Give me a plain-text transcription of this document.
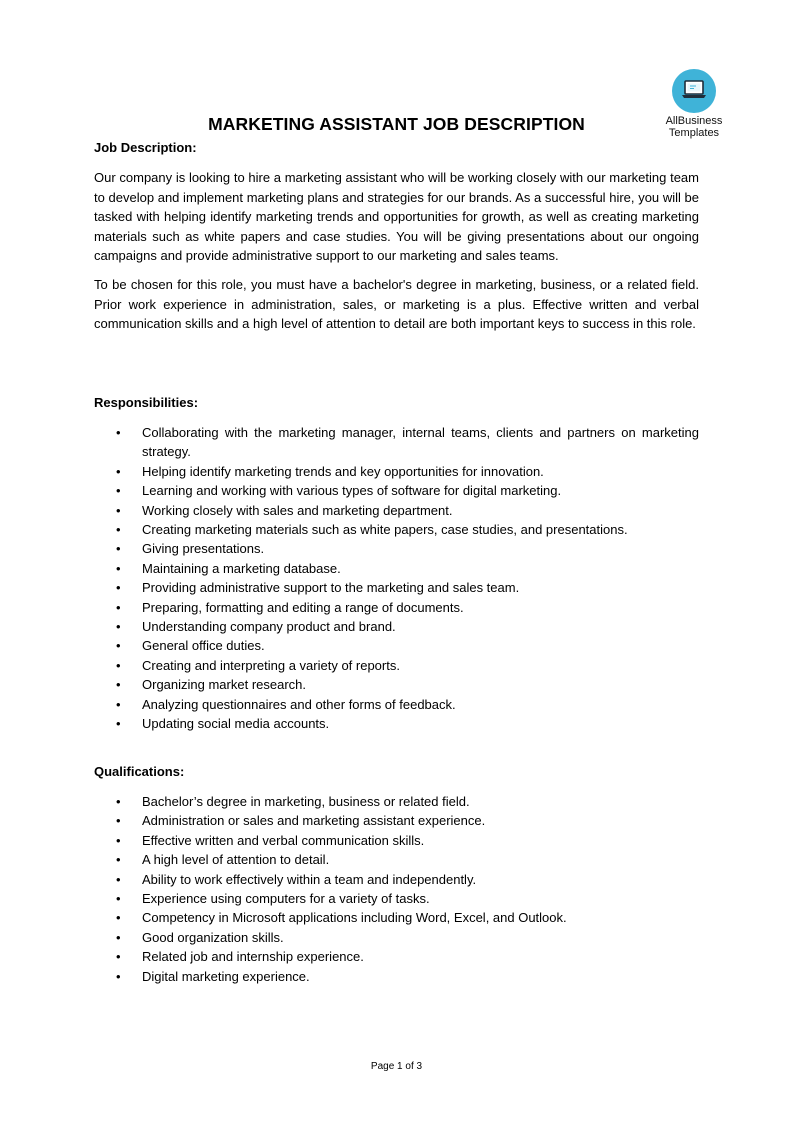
AllBusiness
Templates
MARKETING ASSISTANT JOB DESCRIPTION
Job Description:

Our company is looking to hire a marketing assistant who will be working closely with our marketing team to develop and implement marketing plans and strategies for our brands. As a successful hire, you will be tasked with helping identify marketing trends and opportunities for growth, as well as creating marketing materials such as white papers and case studies. You will be giving presentations about our ongoing campaigns and provide administrative support to our marketing and sales teams.

To be chosen for this role, you must have a bachelor's degree in marketing, business, or a related field. Prior work experience in administration, sales, or marketing is a plus. Effective written and verbal communication skills and a high level of attention to detail are both important keys to success in this role.

Responsibilities:
• Collaborating with the marketing manager, internal teams, clients and partners on marketing strategy.
• Helping identify marketing trends and key opportunities for innovation.
• Learning and working with various types of software for digital marketing.
• Working closely with sales and marketing department.
• Creating marketing materials such as white papers, case studies, and presentations.
• Giving presentations.
• Maintaining a marketing database.
• Providing administrative support to the marketing and sales team.
• Preparing, formatting and editing a range of documents.
• Understanding company product and brand.
• General office duties.
• Creating and interpreting a variety of reports.
• Organizing market research.
• Analyzing questionnaires and other forms of feedback.
• Updating social media accounts.
Qualifications:
• Bachelor’s degree in marketing, business or related field.
• Administration or sales and marketing assistant experience.
• Effective written and verbal communication skills.
• A high level of attention to detail.
• Ability to work effectively within a team and independently.
• Experience using computers for a variety of tasks.
• Competency in Microsoft applications including Word, Excel, and Outlook.
• Good organization skills.
• Related job and internship experience.
• Digital marketing experience.
Page 1 of 3
